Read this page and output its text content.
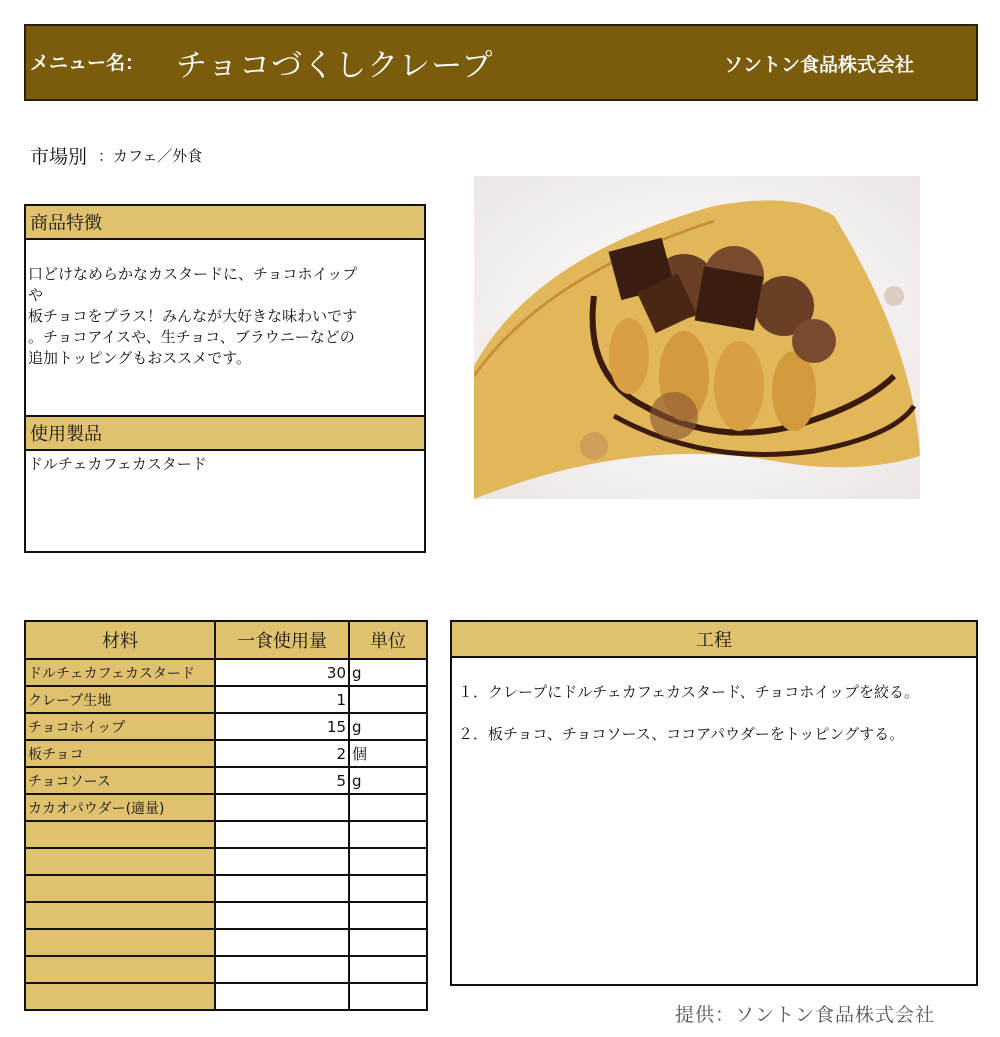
メニュー名： チョコづくしクレープ	ソントン食品株式会社
市場別 ：カフェ／外食
商品特徴
口どけなめらかなカスタードに、チョコホイップ
や
板チョコをプラス！みんなが大好きな味わいです
。チョコアイスや、生チョコ、ブラウニーなどの
追加トッピングもおススメです。
使用製品
ドルチェカフェカスタード
材料	一食使用量	単位
ドルチェカフェカスタード	30	g
クレープ生地	1	
チョコホイップ	15	g
板チョコ	2	個
チョコソース	5	g
カカオパウダー(適量)		

工程
１．クレープにドルチェカフェカスタード、チョコホイップを絞る。
２．板チョコ、チョコソース、ココアパウダーをトッピングする。
提供：ソントン食品株式会社
